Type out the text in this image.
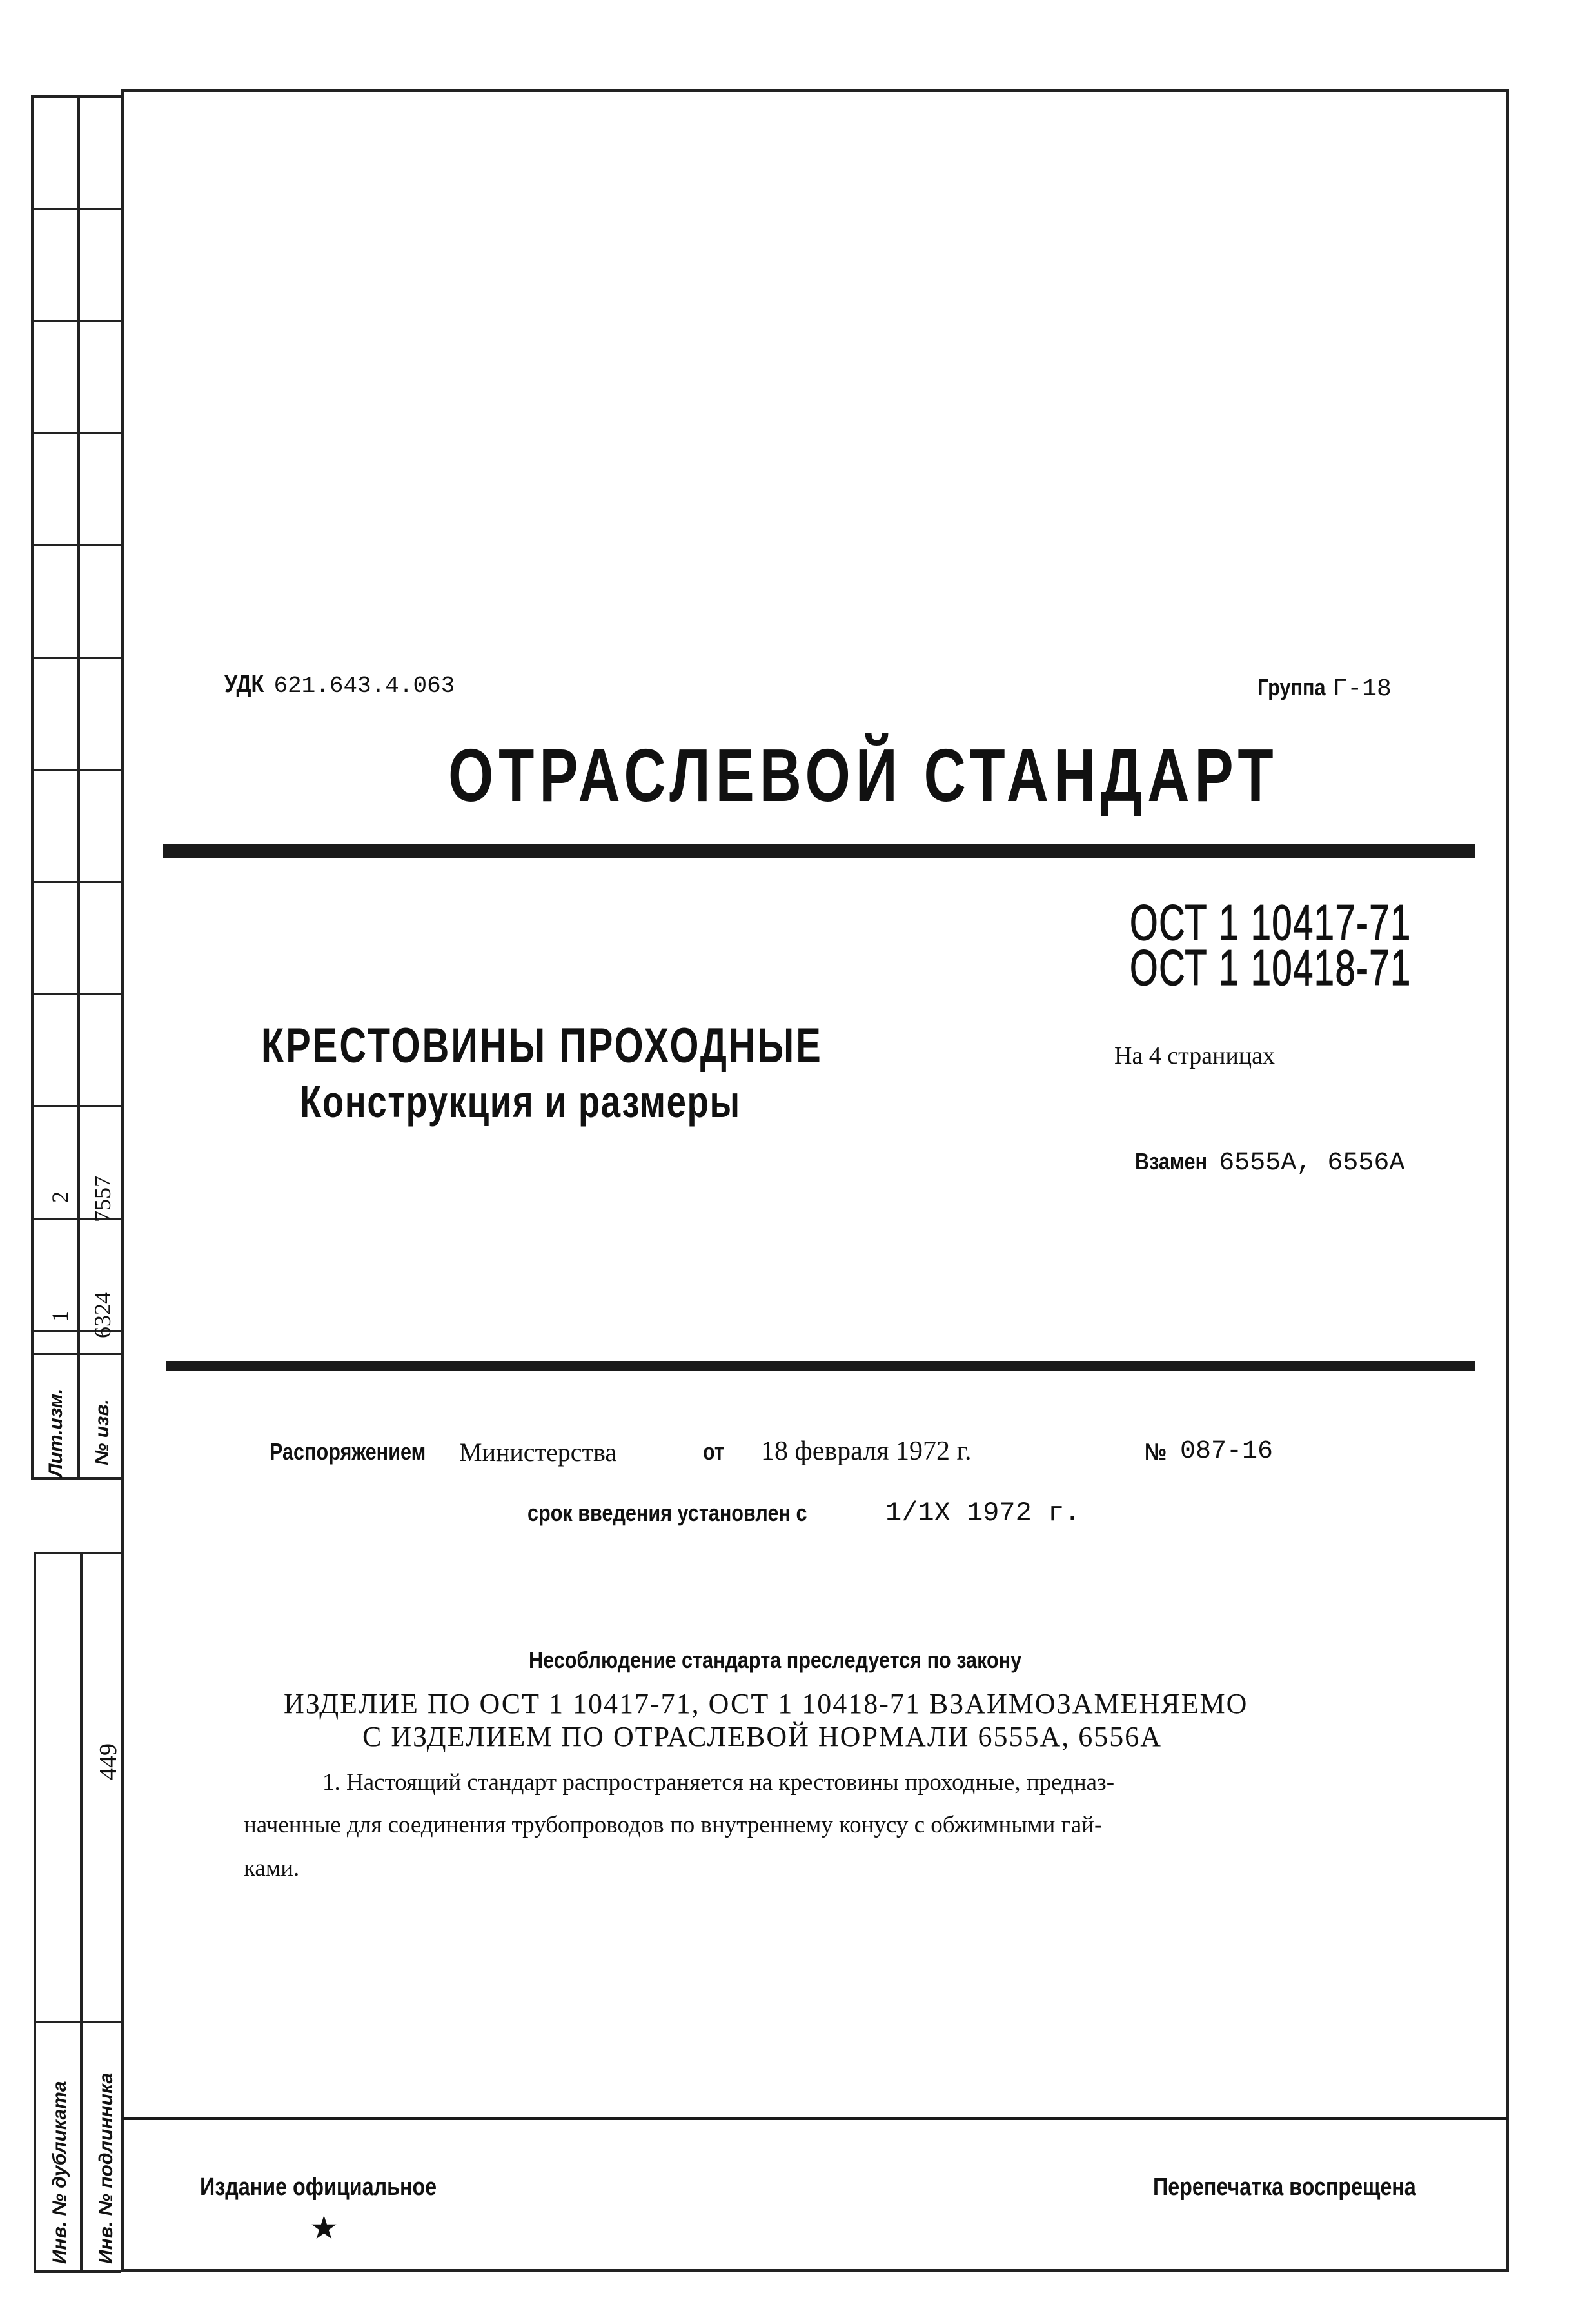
Лит.изм. № изв.
1 6324
2 7557
Инв. № дубликата Инв. № подлинника
449
УДК 621.643.4.063	Группа Г-18
ОТРАСЛЕВОЙ СТАНДАРТ
ОСТ 1 10417-71
ОСТ 1 10418-71
КРЕСТОВИНЫ ПРОХОДНЫЕ
Конструкция и размеры
На 4 страницах
Взамен 6555А, 6556А
Распоряжением Министерства	от 18 февраля 1972 г.	№ 087-16
срок введения установлен с	1/1Х 1972 г.
Несоблюдение стандарта преследуется по закону
ИЗДЕЛИЕ ПО ОСТ 1 10417-71, ОСТ 1 10418-71 ВЗАИМОЗАМЕНЯЕМО
С ИЗДЕЛИЕМ ПО ОТРАСЛЕВОЙ НОРМАЛИ 6555А, 6556А
1. Настоящий стандарт распространяется на крестовины проходные, предназ-
наченные для соединения трубопроводов по внутреннему конусу с обжимными гай-
ками.
Издание официальное
★
Перепечатка воспрещена
